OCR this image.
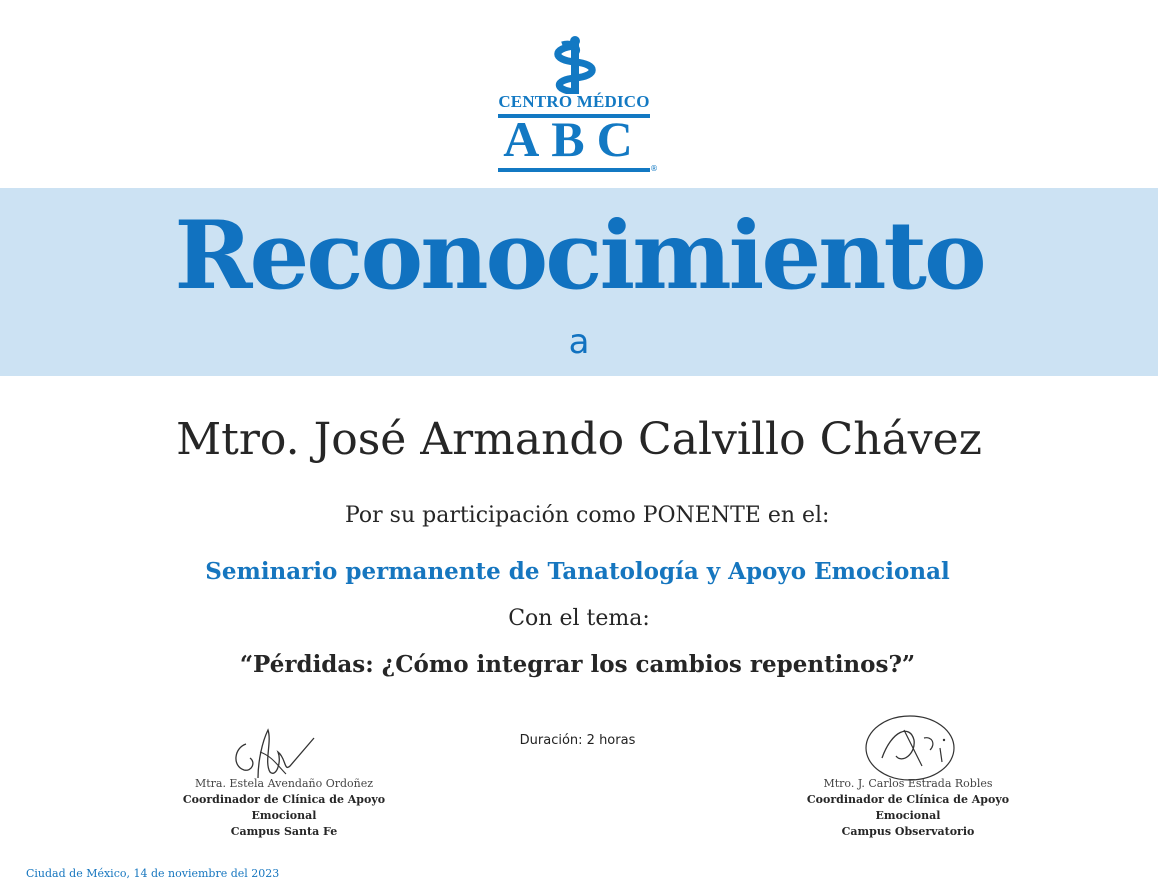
CENTRO MÉDICO
ABC
®
Reconocimiento
a
Mtro. José Armando Calvillo Chávez
Por su participación como PONENTE en el:
Seminario permanente de Tanatología y Apoyo Emocional
Con el tema:
“Pérdidas: ¿Cómo integrar los cambios repentinos?”
Duración: 2 horas
Mtra. Estela Avendaño Ordoñez
Coordinador de Clínica de Apoyo Emocional
Campus Santa Fe
Mtro. J. Carlos Estrada Robles
Coordinador de Clínica de Apoyo Emocional
Campus Observatorio
Ciudad de México, 14 de noviembre del 2023
